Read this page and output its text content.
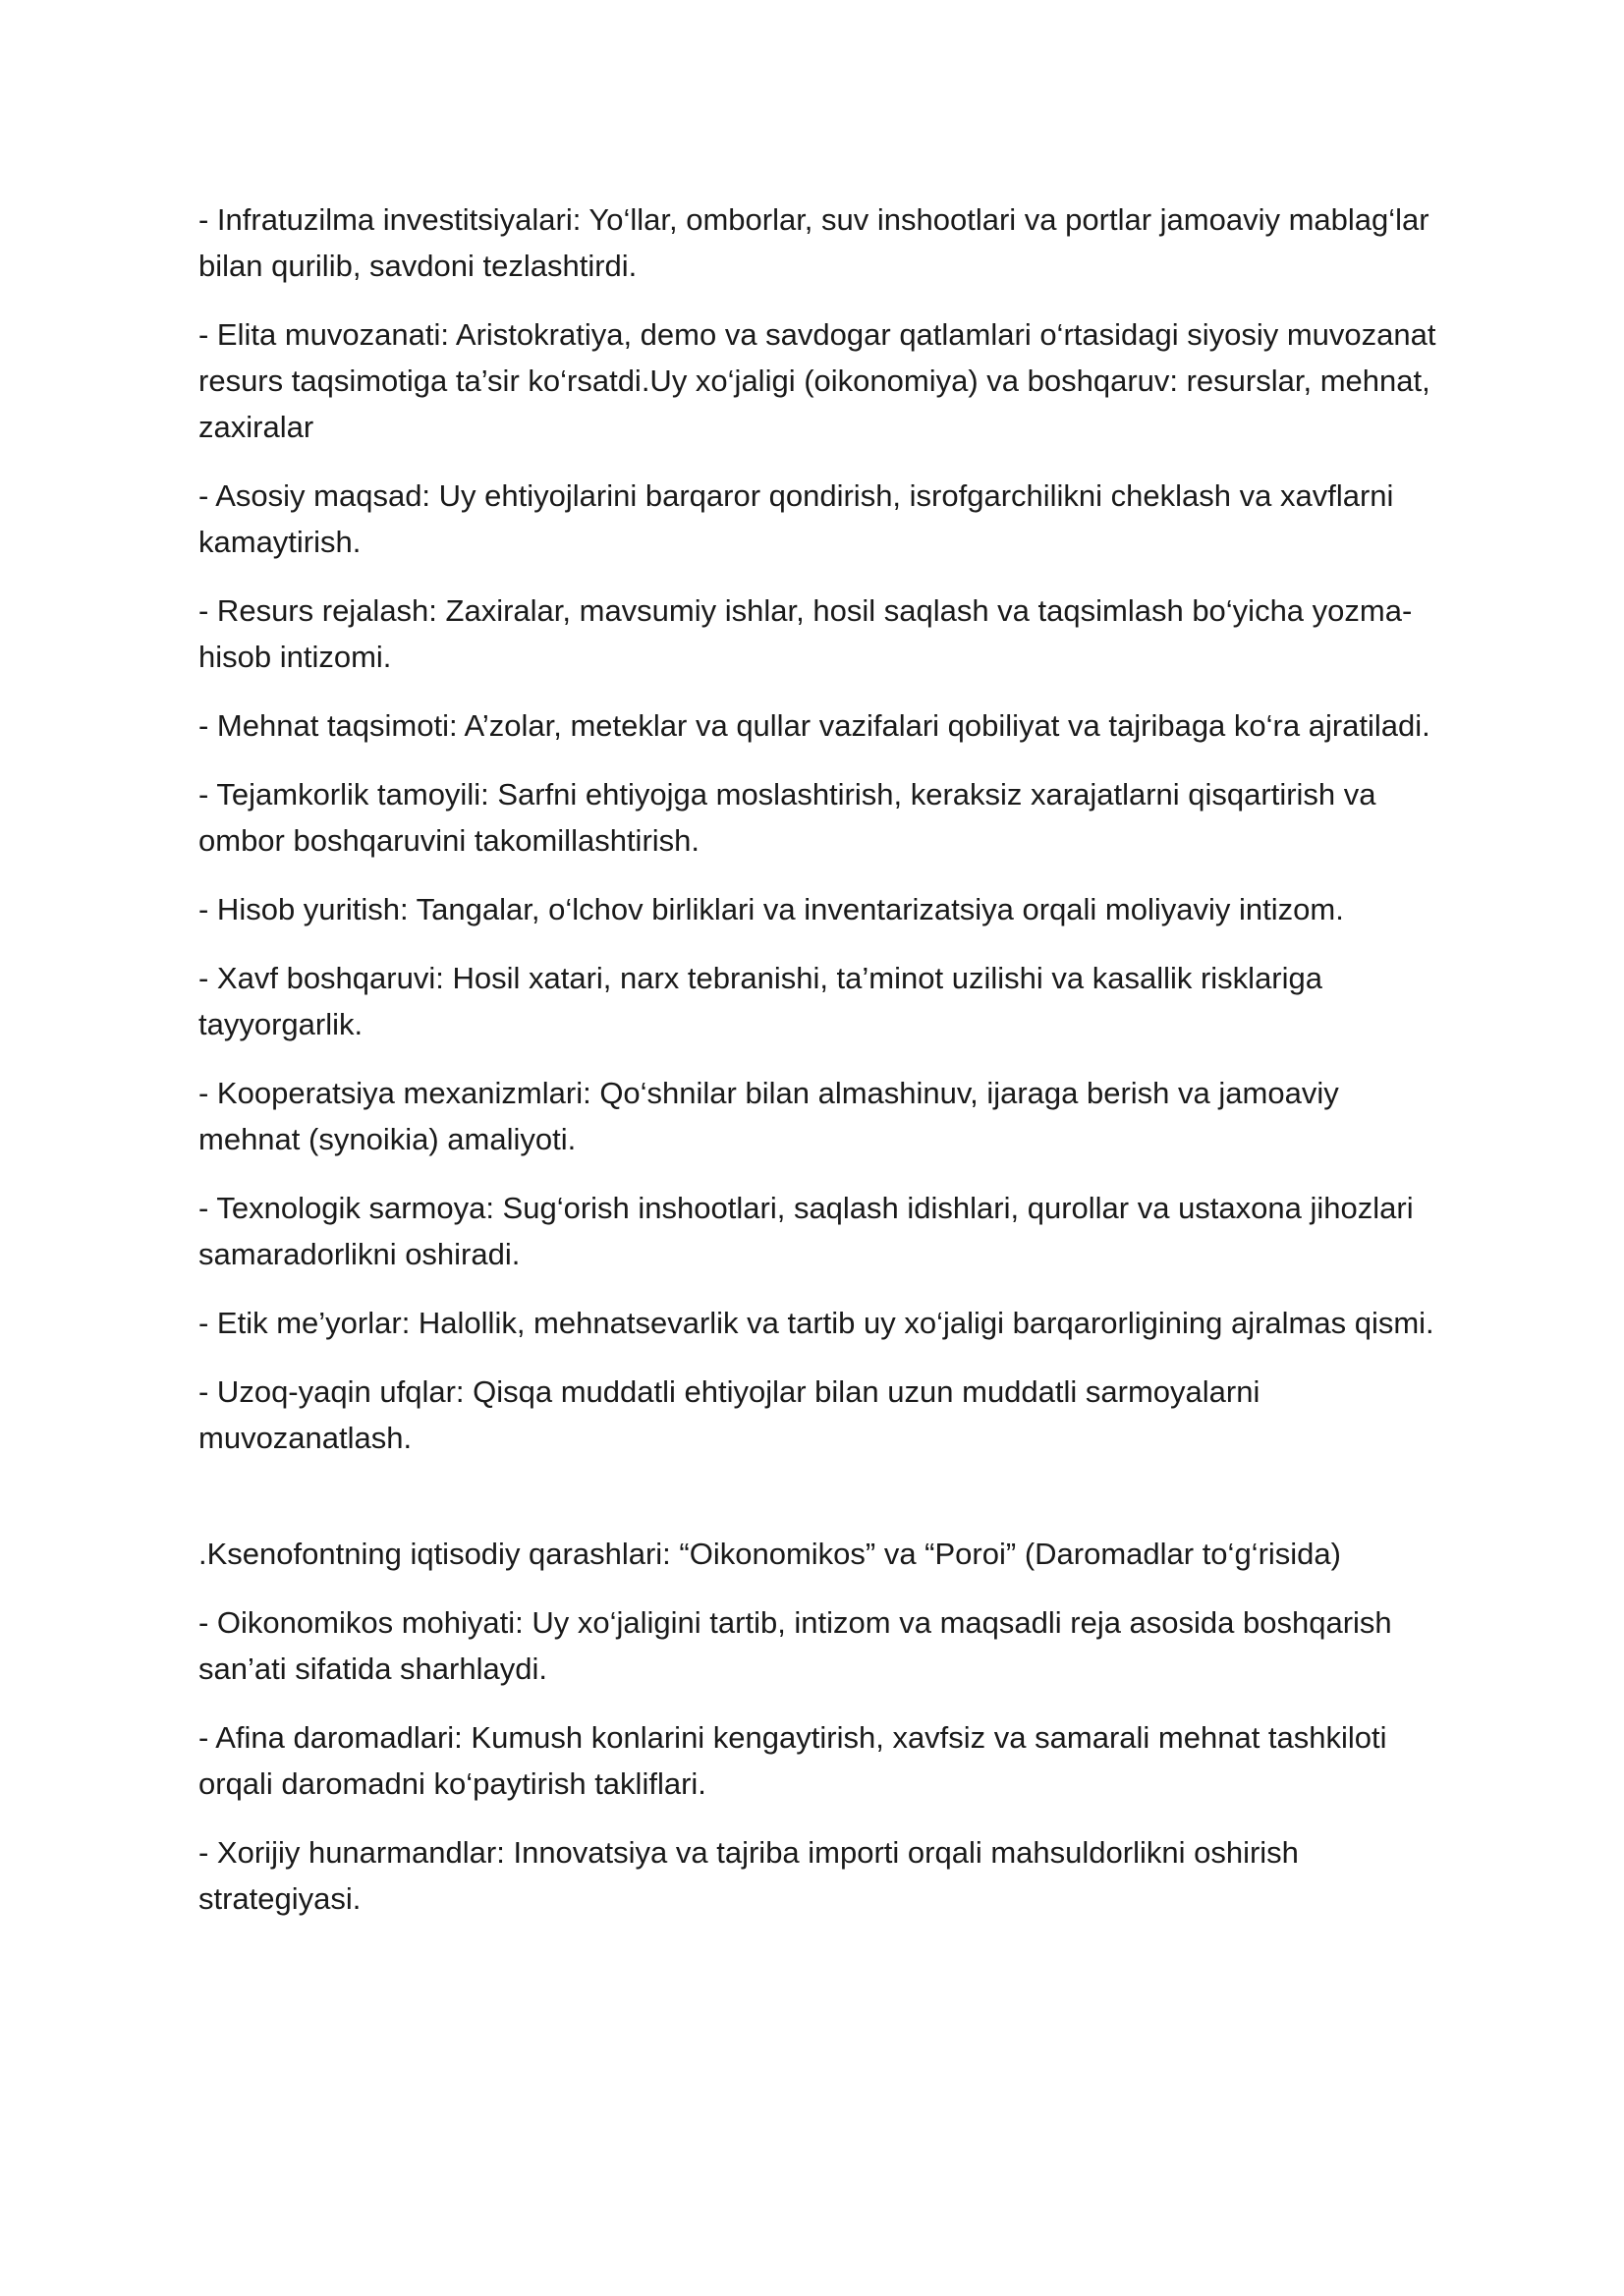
- Infratuzilma investitsiyalari: Yo‘llar, omborlar, suv inshootlari va portlar jamoaviy mablag‘lar bilan qurilib, savdoni tezlashtirdi.

- Elita muvozanati: Aristokratiya, demo va savdogar qatlamlari o‘rtasidagi siyosiy muvozanat resurs taqsimotiga ta’sir ko‘rsatdi.Uy xo‘jaligi (oikonomiya) va boshqaruv: resurslar, mehnat, zaxiralar

- Asosiy maqsad: Uy ehtiyojlarini barqaror qondirish, isrofgarchilikni cheklash va xavflarni kamaytirish.

- Resurs rejalash: Zaxiralar, mavsumiy ishlar, hosil saqlash va taqsimlash bo‘yicha yozma-hisob intizomi.

- Mehnat taqsimoti: A’zolar, meteklar va qullar vazifalari qobiliyat va tajribaga ko‘ra ajratiladi.

- Tejamkorlik tamoyili: Sarfni ehtiyojga moslashtirish, keraksiz xarajatlarni qisqartirish va ombor boshqaruvini takomillashtirish.

- Hisob yuritish: Tangalar, o‘lchov birliklari va inventarizatsiya orqali moliyaviy intizom.

- Xavf boshqaruvi: Hosil xatari, narx tebranishi, ta’minot uzilishi va kasallik risklariga tayyorgarlik.

- Kooperatsiya mexanizmlari: Qo‘shnilar bilan almashinuv, ijaraga berish va jamoaviy mehnat (synoikia) amaliyoti.

- Texnologik sarmoya: Sug‘orish inshootlari, saqlash idishlari, qurollar va ustaxona jihozlari samaradorlikni oshiradi.

- Etik me’yorlar: Halollik, mehnatsevarlik va tartib uy xo‘jaligi barqarorligining ajralmas qismi.

- Uzoq-yaqin ufqlar: Qisqa muddatli ehtiyojlar bilan uzun muddatli sarmoyalarni muvozanatlash.

.Ksenofontning iqtisodiy qarashlari: “Oikonomikos” va “Poroi” (Daromadlar to‘g‘risida)

- Oikonomikos mohiyati: Uy xo‘jaligini tartib, intizom va maqsadli reja asosida boshqarish san’ati sifatida sharhlaydi.

- Afina daromadlari: Kumush konlarini kengaytirish, xavfsiz va samarali mehnat tashkiloti orqali daromadni ko‘paytirish takliflari.

- Xorijiy hunarmandlar: Innovatsiya va tajriba importi orqali mahsuldorlikni oshirish strategiyasi.
